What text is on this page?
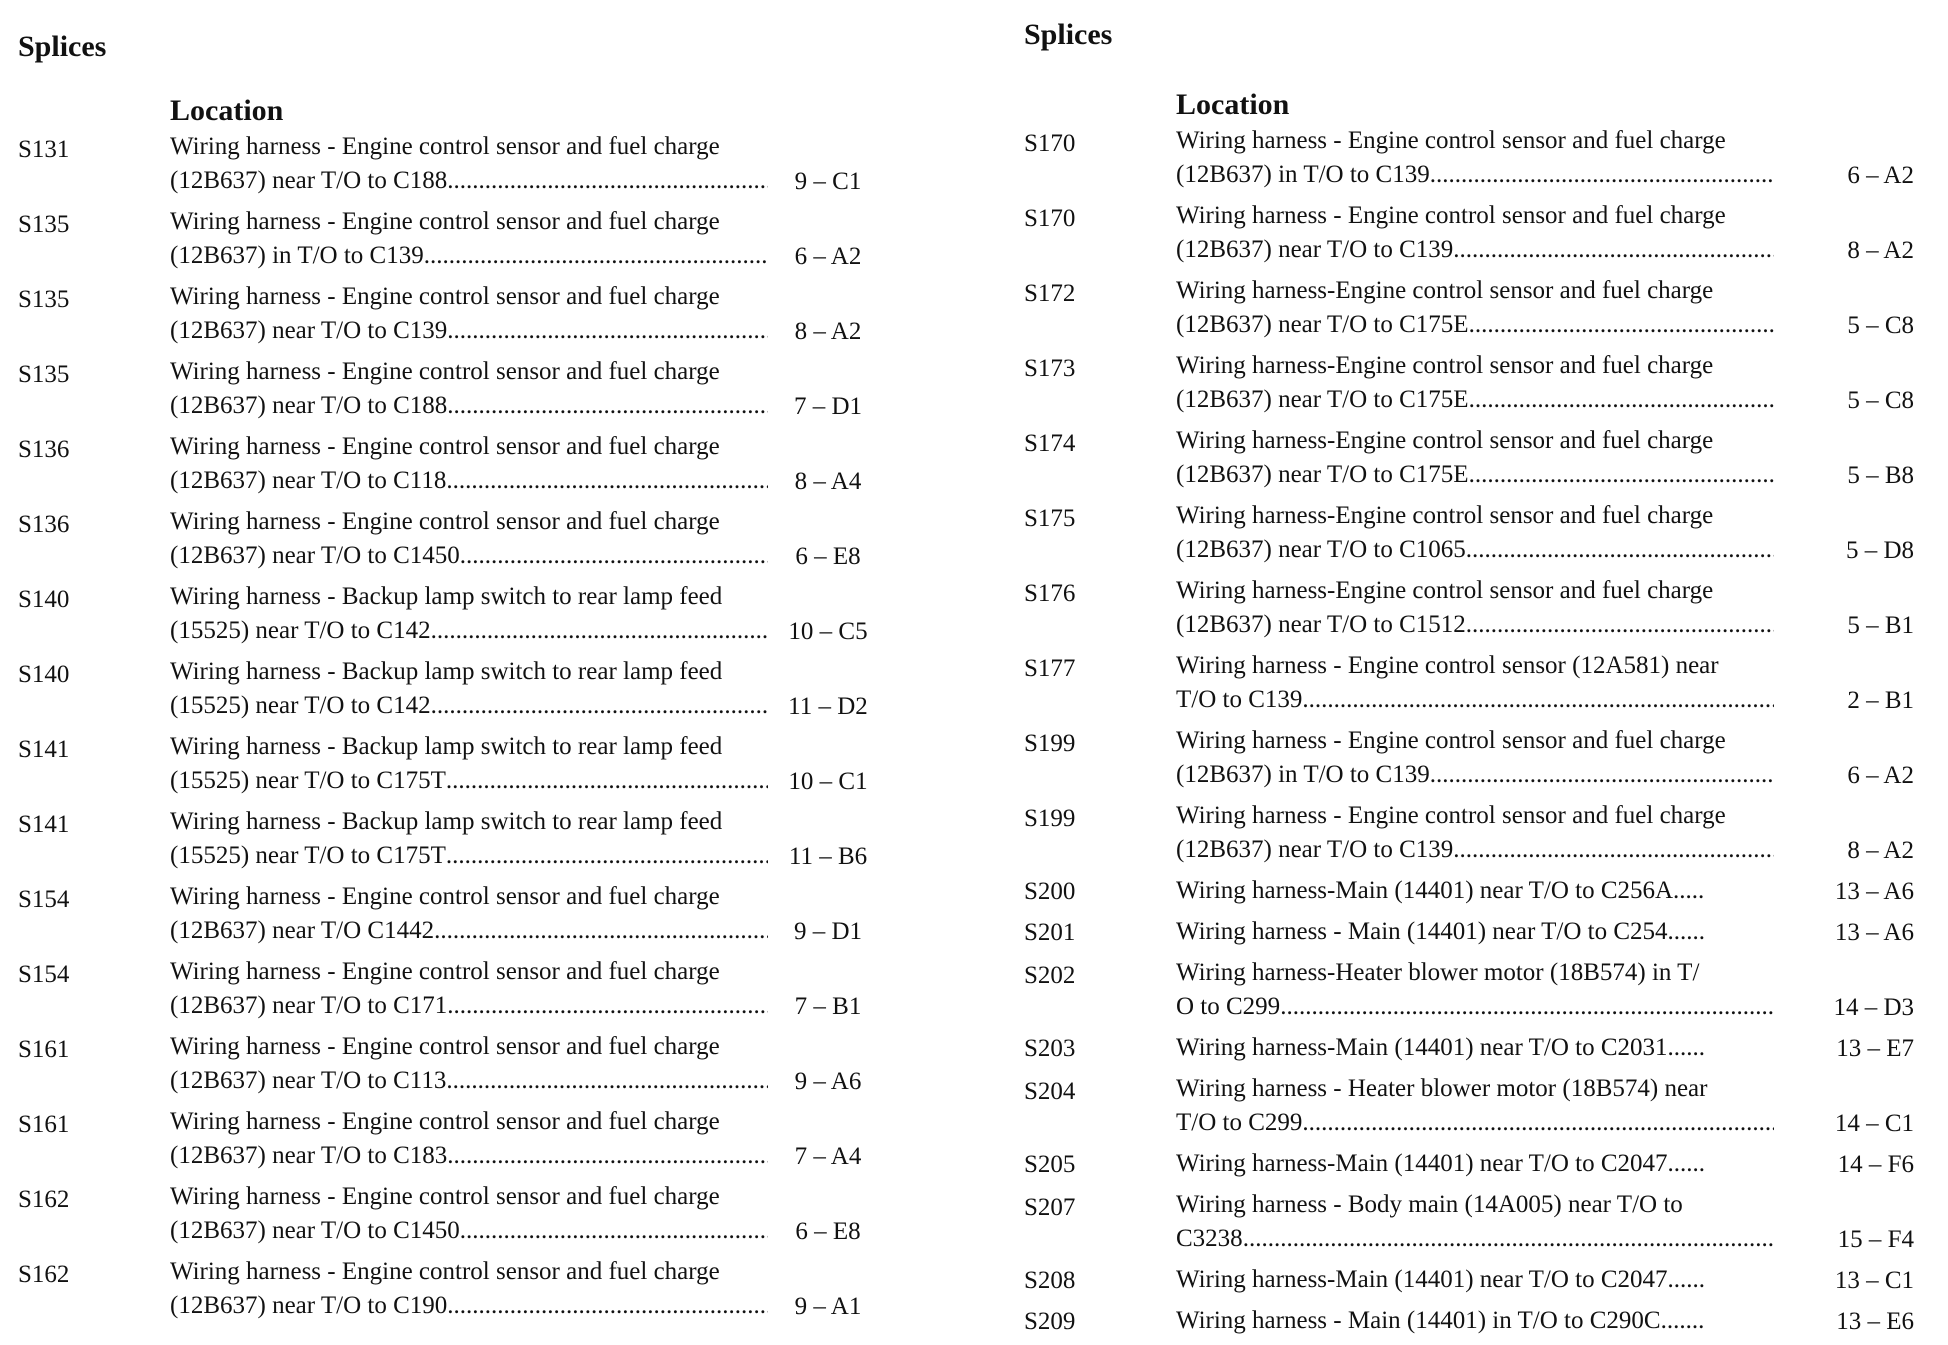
Splices
Location
S131	Wiring harness - Engine control sensor and fuel charge
(12B637) near T/O to C188 .....	9 – C1
S135	Wiring harness - Engine control sensor and fuel charge
(12B637) in T/O to C139 .....	6 – A2
S135	Wiring harness - Engine control sensor and fuel charge
(12B637) near T/O to C139 .....	8 – A2
S135	Wiring harness - Engine control sensor and fuel charge
(12B637) near T/O to C188 .....	7 – D1
S136	Wiring harness - Engine control sensor and fuel charge
(12B637) near T/O to C118 .....	8 – A4
S136	Wiring harness - Engine control sensor and fuel charge
(12B637) near T/O to C1450 .....	6 – E8
S140	Wiring harness - Backup lamp switch to rear lamp feed
(15525) near T/O to C142 .....	10 – C5
S140	Wiring harness - Backup lamp switch to rear lamp feed
(15525) near T/O to C142 .....	11 – D2
S141	Wiring harness - Backup lamp switch to rear lamp feed
(15525) near T/O to C175T .....	10 – C1
S141	Wiring harness - Backup lamp switch to rear lamp feed
(15525) near T/O to C175T .....	11 – B6
S154	Wiring harness - Engine control sensor and fuel charge
(12B637) near T/O C1442 .....	9 – D1
S154	Wiring harness - Engine control sensor and fuel charge
(12B637) near T/O to C171 .....	7 – B1
S161	Wiring harness - Engine control sensor and fuel charge
(12B637) near T/O to C113 .....	9 – A6
S161	Wiring harness - Engine control sensor and fuel charge
(12B637) near T/O to C183 .....	7 – A4
S162	Wiring harness - Engine control sensor and fuel charge
(12B637) near T/O to C1450 .....	6 – E8
S162	Wiring harness - Engine control sensor and fuel charge
(12B637) near T/O to C190 .....	9 – A1
Splices
Location
S170	Wiring harness - Engine control sensor and fuel charge
(12B637) in T/O to C139 .....	6 – A2
S170	Wiring harness - Engine control sensor and fuel charge
(12B637) near T/O to C139 .....	8 – A2
S172	Wiring harness-Engine control sensor and fuel charge
(12B637) near T/O to C175E .....	5 – C8
S173	Wiring harness-Engine control sensor and fuel charge
(12B637) near T/O to C175E .....	5 – C8
S174	Wiring harness-Engine control sensor and fuel charge
(12B637) near T/O to C175E .....	5 – B8
S175	Wiring harness-Engine control sensor and fuel charge
(12B637) near T/O to C1065 .....	5 – D8
S176	Wiring harness-Engine control sensor and fuel charge
(12B637) near T/O to C1512 .....	5 – B1
S177	Wiring harness - Engine control sensor (12A581) near
T/O to C139 .....	2 – B1
S199	Wiring harness - Engine control sensor and fuel charge
(12B637) in T/O to C139 .....	6 – A2
S199	Wiring harness - Engine control sensor and fuel charge
(12B637) near T/O to C139 .....	8 – A2
S200	Wiring harness-Main (14401) near T/O to C256A.....	13 – A6
S201	Wiring harness - Main (14401) near T/O to C254......	13 – A6
S202	Wiring harness-Heater blower motor (18B574) in T/
O to C299 .....	14 – D3
S203	Wiring harness-Main (14401) near T/O to C2031......	13 – E7
S204	Wiring harness - Heater blower motor (18B574) near
T/O to C299 .....	14 – C1
S205	Wiring harness-Main (14401) near T/O to C2047......	14 – F6
S207	Wiring harness - Body main (14A005) near T/O to
C3238 .....	15 – F4
S208	Wiring harness-Main (14401) near T/O to C2047......	13 – C1
S209	Wiring harness - Main (14401) in T/O to C290C.......	13 – E6
